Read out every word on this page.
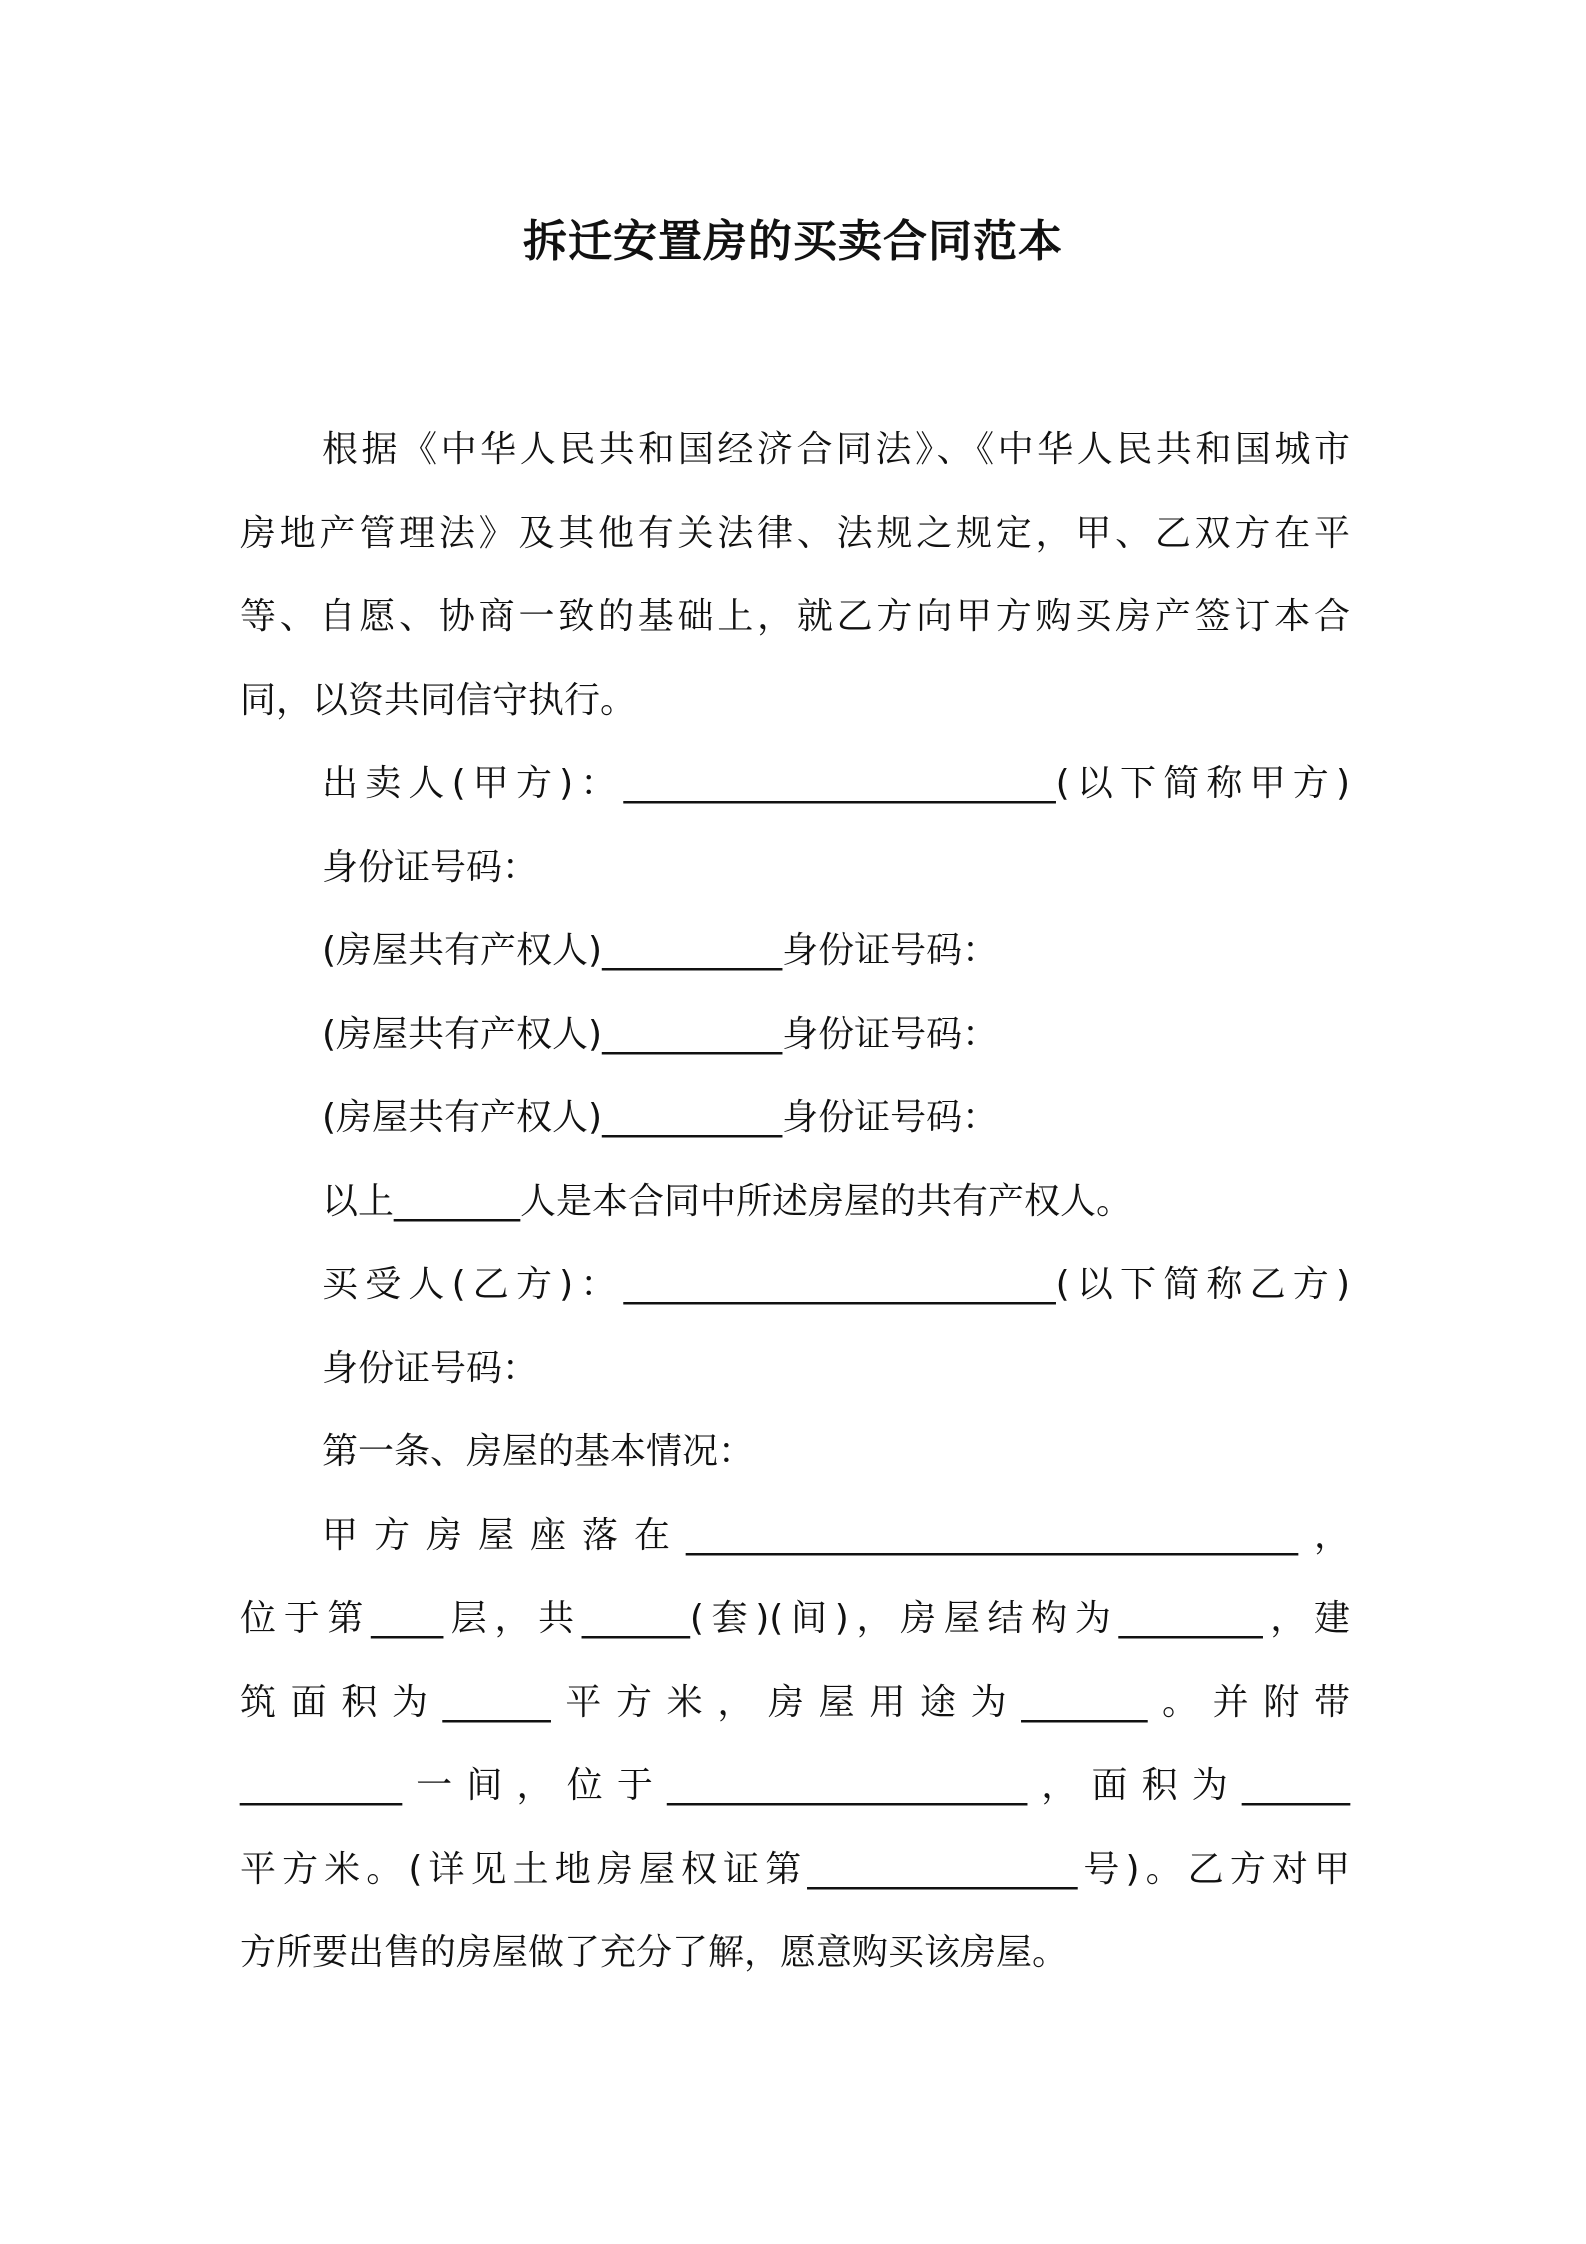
拆迁安置房的买卖合同范本
根据《中华人民共和国经济合同法》、《中华人民共和国城市
房地产管理法》及其他有关法律、法规之规定，甲、乙双方在平
等、自愿、协商一致的基础上，就乙方向甲方购买房产签订本合
同，以资共同信守执行。
出卖人(甲方)：________________________(以下简称甲方)
身份证号码：
(房屋共有产权人)__________身份证号码：
(房屋共有产权人)__________身份证号码：
(房屋共有产权人)__________身份证号码：
以上_______人是本合同中所述房屋的共有产权人。
买受人(乙方)：________________________(以下简称乙方)
身份证号码：
第一条、房屋的基本情况：
甲方房屋座落在__________________________________，
位于第____层，共______(套)(间)，房屋结构为________，建
筑面积为______平方米，房屋用途为_______。并附带
_________一间，位于____________________，面积为______
平方米。(详见土地房屋权证第_______________号)。乙方对甲
方所要出售的房屋做了充分了解，愿意购买该房屋。
